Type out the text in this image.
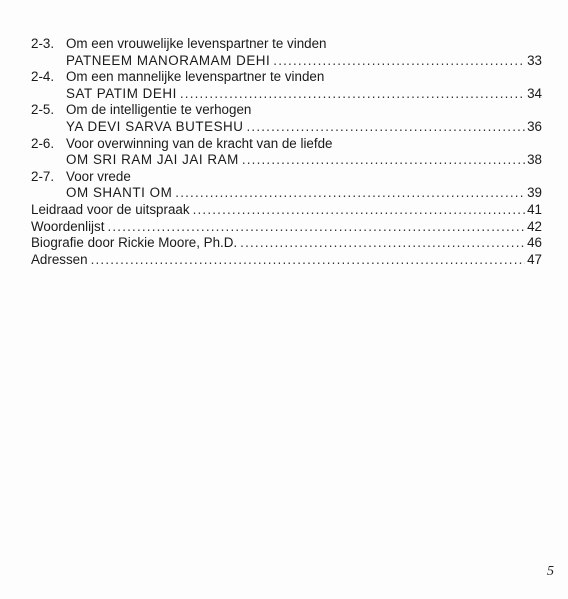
2-3. Om een vrouwelijke levenspartner te vinden
PATNEEM MANORAMAM DEHI .....	33
2-4. Om een mannelijke levenspartner te vinden
SAT PATIM DEHI .....	34
2-5. Om de intelligentie te verhogen
YA DEVI SARVA BUTESHU .....	36
2-6. Voor overwinning van de kracht van de liefde
OM SRI RAM JAI JAI RAM .....	38
2-7. Voor vrede
OM SHANTI OM .....	39
Leidraad voor de uitspraak .....	41
Woordenlijst .....	42
Biografie door Rickie Moore, Ph.D. .....	46
Adressen .....	47
5
